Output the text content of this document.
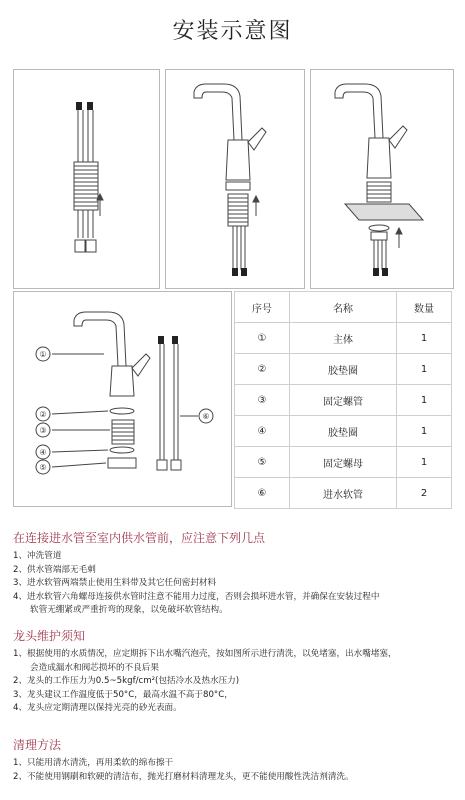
安装示意图
①
②
③
④
⑤
⑥
序号	名称	数量
①	主体	1
②	胶垫圈	1
③	固定螺管	1
④	胶垫圈	1
⑤	固定螺母	1
⑥	进水软管	2
在连接进水管至室内供水管前，应注意下列几点
1、冲洗管道
2、供水管端部无毛刺
3、进水软管两端禁止使用生料带及其它任何密封材料
4、进水软管六角螺母连接供水管时注意不能用力过度，否则会损坏进水管，并确保在安装过程中
软管无绷紧或严重折弯的现象，以免破坏软管结构。
龙头维护须知
1、根据使用的水质情况，应定期拆下出水嘴汽泡壳，按如图所示进行清洗，以免堵塞，出水嘴堵塞，
会造成漏水和阀芯损坏的不良后果
2、龙头的工作压力为0.5~5kgf/cm²(包括冷水及热水压力)
3、龙头建议工作温度低于50°C，最高水温不高于80°C，
4、龙头应定期清理以保持光亮的砂光表面。
清理方法
1、只能用清水清洗，再用柔软的绵布擦干
2、不能使用钢刷和软硬的清洁布，抛光打磨材料清理龙头，更不能使用酸性洗洁剂清洗。
